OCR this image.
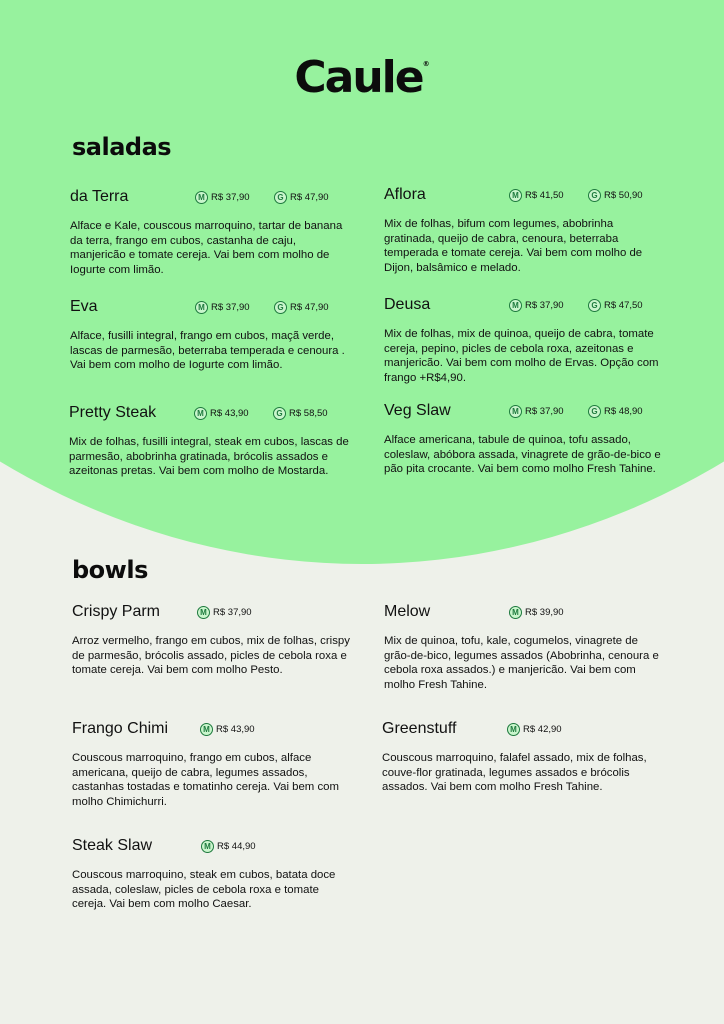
Caule®
saladas
da Terra	M R$ 37,90	G R$ 47,90
Alface e Kale, couscous marroquino, tartar de banana da terra, frango em cubos, castanha de caju, manjericão e tomate cereja. Vai bem com molho de Iogurte com limão.
Aflora	M R$ 41,50	G R$ 50,90
Mix de folhas, bifum com legumes, abobrinha gratinada, queijo de cabra, cenoura, beterraba temperada e tomate cereja. Vai bem com molho de Dijon, balsâmico e melado.
Eva	M R$ 37,90	G R$ 47,90
Alface, fusilli integral, frango em cubos, maçã verde, lascas de parmesão, beterraba temperada e cenoura . Vai bem com molho de Iogurte com limão.
Deusa	M R$ 37,90	G R$ 47,50
Mix de folhas, mix de quinoa, queijo de cabra, tomate cereja, pepino, picles de cebola roxa, azeitonas e manjericão. Vai bem com molho de Ervas. Opção com frango +R$4,90.
Pretty Steak	M R$ 43,90	G R$ 58,50
Mix de folhas, fusilli integral, steak em cubos, lascas de parmesão, abobrinha gratinada, brócolis assados e azeitonas pretas. Vai bem com molho de Mostarda.
Veg Slaw	M R$ 37,90	G R$ 48,90
Alface americana, tabule de quinoa, tofu assado, coleslaw, abóbora assada, vinagrete de grão-de-bico e pão pita crocante. Vai bem como molho Fresh Tahine.
bowls
Crispy Parm	M R$ 37,90
Arroz vermelho, frango em cubos, mix de folhas, crispy de parmesão, brócolis assado, picles de cebola roxa e tomate cereja. Vai bem com molho Pesto.
Melow	M R$ 39,90
Mix de quinoa, tofu, kale, cogumelos, vinagrete de grão-de-bico, legumes assados (Abobrinha, cenoura e cebola roxa assados.) e manjericão. Vai bem com molho Fresh Tahine.
Frango Chimi	M R$ 43,90
Couscous marroquino, frango em cubos, alface americana, queijo de cabra, legumes assados, castanhas tostadas e tomatinho cereja. Vai bem com molho Chimichurri.
Greenstuff	M R$ 42,90
Couscous marroquino, falafel assado, mix de folhas, couve-flor gratinada, legumes assados e brócolis assados. Vai bem com molho Fresh Tahine.
Steak Slaw	M R$ 44,90
Couscous marroquino, steak em cubos, batata doce assada, coleslaw, picles de cebola roxa e tomate cereja. Vai bem com molho Caesar.
